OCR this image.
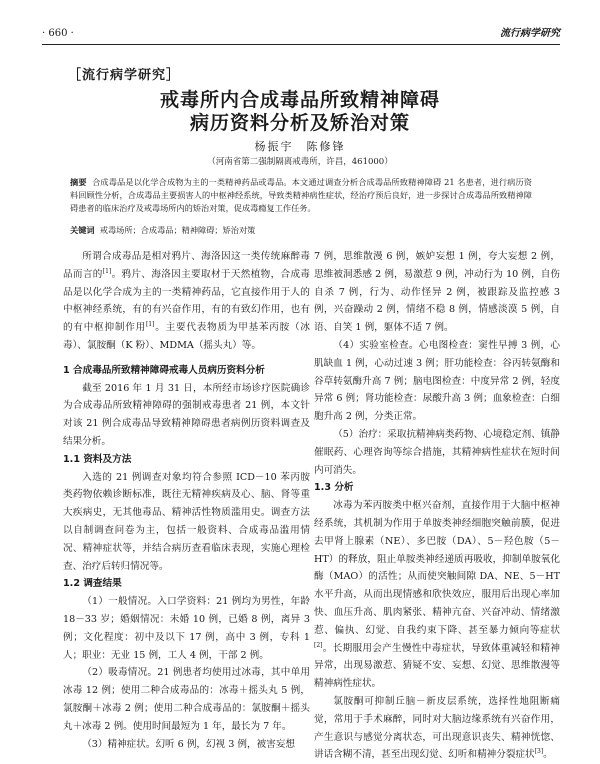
· 660 ·	流行病学研究
［流行病学研究］
戒毒所内合成毒品所致精神障碍
病历资料分析及矫治对策
杨振宇　陈修锋
（河南省第二强制隔离戒毒所，许昌，461000）
摘要 合成毒品是以化学合成物为主的一类精神药品或毒品。本文通过调查分析合成毒品所致精神障碍 21 名患者，进行病历资料回顾性分析，合成毒品主要损害人的中枢神经系统，导致类精神病性症状，经治疗预后良好，进一步探讨合成毒品所致精神障碍患者的临床治疗及戒毒场所内的矫治对策，促成毒瘾复工作任务。
关键词 戒毒场所；合成毒品；精神障碍；矫治对策

所谓合成毒品是相对鸦片、海洛因这一类传统麻醉毒品而言的[1]。鸦片、海洛因主要取材于天然植物，合成毒品是以化学合成为主的一类精神药品，它直接作用于人的中枢神经系统，有的有兴奋作用，有的有致幻作用，也有的有中枢抑制作用[1]。主要代表物质为甲基苯丙胺（冰毒）、氯胺酮（K 粉）、MDMA（摇头丸）等。

1 合成毒品所致精神障碍戒毒人员病历资料分析

截至 2016 年 1 月 31 日，本所经市场诊疗医院确诊为合成毒品所致精神障碍的强制戒毒患者 21 例，本文针对该 21 例合成毒品导致精神障碍患者病例历资料调查及结果分析。

1.1 资料及方法

入选的 21 例调查对象均符合参照 ICD－10 苯丙胺类药物依赖诊断标准，既往无精神疾病及心、脑、肾等重大疾病史，无其他毒品、精神活性物质滥用史。调查方法以自制调查问卷为主，包括一般资料、合成毒品滥用情况、精神症状等，并结合病历查看临床表现，实施心理检查、治疗后转归情况等。

1.2 调查结果

（1）一般情况。入口学资料：21 例均为男性，年龄 18－33 岁；婚姻情况：未婚 10 例，已婚 8 例，离异 3 例；文化程度：初中及以下 17 例，高中 3 例，专科 1 人；职业：无业 15 例，工人 4 例，干部 2 例。

（2）吸毒情况。21 例患者均使用过冰毒，其中单用冰毒 12 例；使用二种合成毒品的：冰毒＋摇头丸 5 例，氯胺酮＋冰毒 2 例；使用二种合成毒品的：氯胺酮＋摇头丸＋冰毒 2 例。使用时间最短为 1 年，最长为 7 年。

（3）精神症状。幻听 6 例，幻视 3 例，被害妄想

7 例，思维散漫 6 例，嫉妒妄想 1 例，夸大妄想 2 例，思维被洞悉感 2 例，易激惹 9 例，冲动行为 10 例，自伤自杀 7 例，行为、动作怪异 2 例，被跟踪及监控感 3 例，兴奋躁动 2 例，情绪不稳 8 例，情感淡漠 5 例，自语、自笑 1 例，躯体不适 7 例。

（4）实验室检查。心电图检查：窦性早搏 3 例，心肌缺血 1 例，心动过速 3 例；肝功能检查：谷丙转氨酶和谷草转氨酶升高 7 例；脑电图检查：中度异常 2 例，轻度异常 6 例；肾功能检查：尿酸升高 3 例；血象检查：白细胞升高 2 例，分类正常。

（5）治疗：采取抗精神病类药物、心境稳定剂、镇静催眠药、心理咨询等综合措施，其精神病性症状在短时间内可消失。

1.3 分析

冰毒为苯丙胺类中枢兴奋剂，直接作用于大脑中枢神经系统，其机制为作用于单胺类神经细胞突触前膜，促进去甲肾上腺素（NE）、多巴胺（DA）、5－羟色胺（5－HT）的释放，阻止单胺类神经递质再吸收，抑制单胺氧化酶（MAO）的活性；从而使突触间隙 DA、NE、5－HT 水平升高，从而出现情感和欣快效应，服用后出现心率加快、血压升高、肌肉紧张、精神亢奋、兴奋冲动、情绪激惹、偏执、幻觉、自我约束下降、甚至暴力倾向等症状[2]。长期服用会产生慢性中毒症状，导致体重减轻和精神异常，出现易激惹、猜疑不安、妄想、幻觉、思维散漫等精神病性症状。

氯胺酮可抑制丘脑－新皮层系统，选择性地阻断痛觉，常用于手术麻醉，同时对大脑边缘系统有兴奋作用，产生意识与感觉分离状态，可出现意识丧失、精神恍惚、讲话含糊不清，甚至出现幻觉、幻听和精神分裂症状[3]。
